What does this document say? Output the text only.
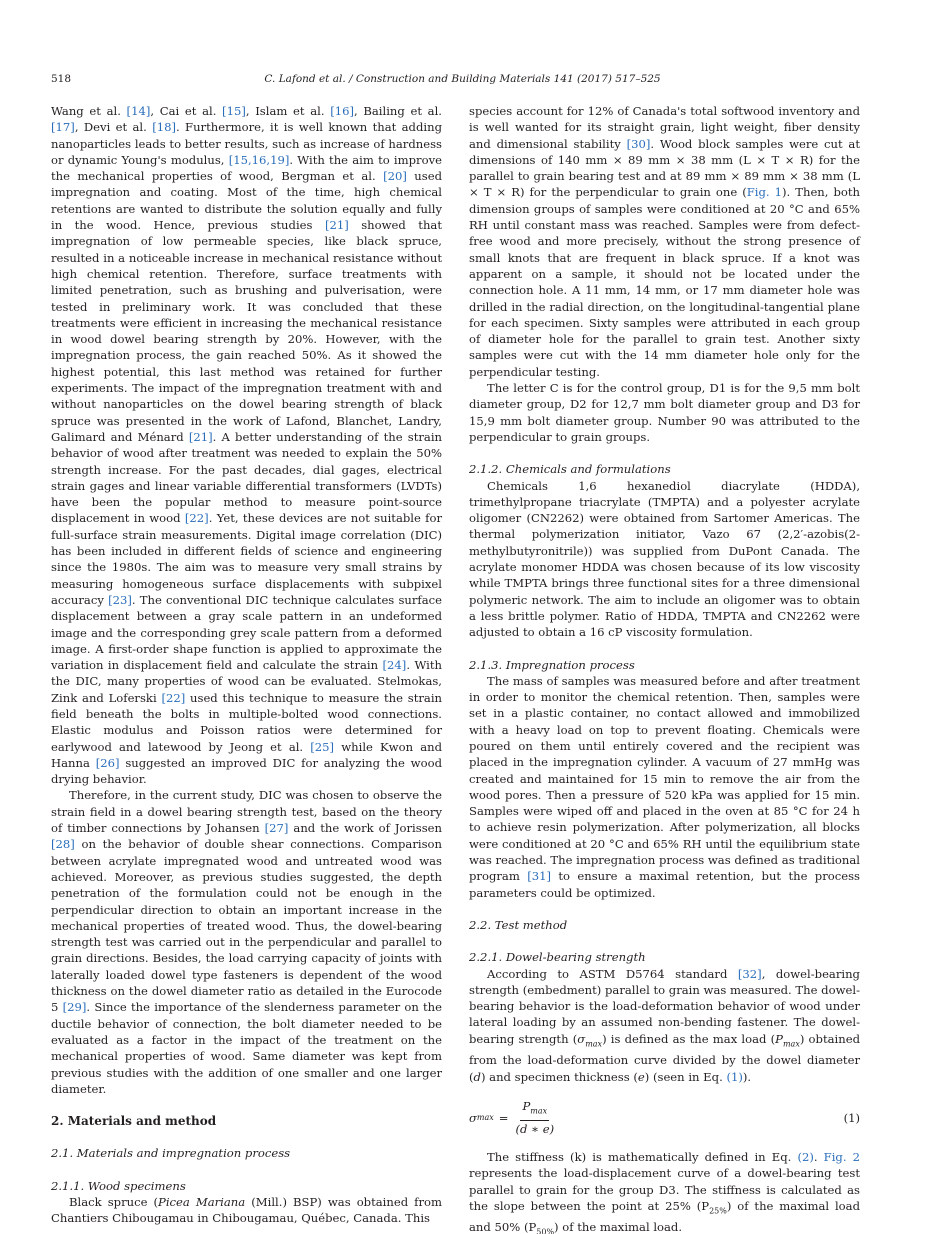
518	C. Lafond et al. / Construction and Building Materials 141 (2017) 517–525

Wang et al. [14], Cai et al. [15], Islam et al. [16], Bailing et al. [17], Devi et al. [18]. Furthermore, it is well known that adding nanoparticles leads to better results, such as increase of hardness or dynamic Young's modulus, [15,16,19]. With the aim to improve the mechanical properties of wood, Bergman et al. [20] used impregnation and coating. Most of the time, high chemical retentions are wanted to distribute the solution equally and fully in the wood. Hence, previous studies [21] showed that impregnation of low permeable species, like black spruce, resulted in a noticeable increase in mechanical resistance without high chemical retention. Therefore, surface treatments with limited penetration, such as brushing and pulverisation, were tested in preliminary work. It was concluded that these treatments were efficient in increasing the mechanical resistance in wood dowel bearing strength by 20%. However, with the impregnation process, the gain reached 50%. As it showed the highest potential, this last method was retained for further experiments. The impact of the impregnation treatment with and without nanoparticles on the dowel bearing strength of black spruce was presented in the work of Lafond, Blanchet, Landry, Galimard and Ménard [21]. A better understanding of the strain behavior of wood after treatment was needed to explain the 50% strength increase. For the past decades, dial gages, electrical strain gages and linear variable differential transformers (LVDTs) have been the popular method to measure point-source displacement in wood [22]. Yet, these devices are not suitable for full-surface strain measurements. Digital image correlation (DIC) has been included in different fields of science and engineering since the 1980s. The aim was to measure very small strains by measuring homogeneous surface displacements with subpixel accuracy [23]. The conventional DIC technique calculates surface displacement between a gray scale pattern in an undeformed image and the corresponding grey scale pattern from a deformed image. A first-order shape function is applied to approximate the variation in displacement field and calculate the strain [24]. With the DIC, many properties of wood can be evaluated. Stelmokas, Zink and Loferski [22] used this technique to measure the strain field beneath the bolts in multiple-bolted wood connections. Elastic modulus and Poisson ratios were determined for earlywood and latewood by Jeong et al. [25] while Kwon and Hanna [26] suggested an improved DIC for analyzing the wood drying behavior.

Therefore, in the current study, DIC was chosen to observe the strain field in a dowel bearing strength test, based on the theory of timber connections by Johansen [27] and the work of Jorissen [28] on the behavior of double shear connections. Comparison between acrylate impregnated wood and untreated wood was achieved. Moreover, as previous studies suggested, the depth penetration of the formulation could not be enough in the perpendicular direction to obtain an important increase in the mechanical properties of treated wood. Thus, the dowel-bearing strength test was carried out in the perpendicular and parallel to grain directions. Besides, the load carrying capacity of joints with laterally loaded dowel type fasteners is dependent of the wood thickness on the dowel diameter ratio as detailed in the Eurocode 5 [29]. Since the importance of the slenderness parameter on the ductile behavior of connection, the bolt diameter needed to be evaluated as a factor in the impact of the treatment on the mechanical properties of wood. Same diameter was kept from previous studies with the addition of one smaller and one larger diameter.

2. Materials and method
2.1. Materials and impregnation process
2.1.1. Wood specimens

Black spruce (Picea Mariana (Mill.) BSP) was obtained from Chantiers Chibougamau in Chibougamau, Québec, Canada. This

species account for 12% of Canada's total softwood inventory and is well wanted for its straight grain, light weight, fiber density and dimensional stability [30]. Wood block samples were cut at dimensions of 140 mm × 89 mm × 38 mm (L × T × R) for the parallel to grain bearing test and at 89 mm × 89 mm × 38 mm (L × T × R) for the perpendicular to grain one (Fig. 1). Then, both dimension groups of samples were conditioned at 20 °C and 65% RH until constant mass was reached. Samples were from defect-free wood and more precisely, without the strong presence of small knots that are frequent in black spruce. If a knot was apparent on a sample, it should not be located under the connection hole. A 11 mm, 14 mm, or 17 mm diameter hole was drilled in the radial direction, on the longitudinal-tangential plane for each specimen. Sixty samples were attributed in each group of diameter hole for the parallel to grain test. Another sixty samples were cut with the 14 mm diameter hole only for the perpendicular testing.

The letter C is for the control group, D1 is for the 9,5 mm bolt diameter group, D2 for 12,7 mm bolt diameter group and D3 for 15,9 mm bolt diameter group. Number 90 was attributed to the perpendicular to grain groups.

2.1.2. Chemicals and formulations

Chemicals 1,6 hexanediol diacrylate (HDDA), trimethylpropane triacrylate (TMPTA) and a polyester acrylate oligomer (CN2262) were obtained from Sartomer Americas. The thermal polymerization initiator, Vazo 67 (2,2′-azobis(2-methylbutyronitrile)) was supplied from DuPont Canada. The acrylate monomer HDDA was chosen because of its low viscosity while TMPTA brings three functional sites for a three dimensional polymeric network. The aim to include an oligomer was to obtain a less brittle polymer. Ratio of HDDA, TMPTA and CN2262 were adjusted to obtain a 16 cP viscosity formulation.

2.1.3. Impregnation process

The mass of samples was measured before and after treatment in order to monitor the chemical retention. Then, samples were set in a plastic container, no contact allowed and immobilized with a heavy load on top to prevent floating. Chemicals were poured on them until entirely covered and the recipient was placed in the impregnation cylinder. A vacuum of 27 mmHg was created and maintained for 15 min to remove the air from the wood pores. Then a pressure of 520 kPa was applied for 15 min. Samples were wiped off and placed in the oven at 85 °C for 24 h to achieve resin polymerization. After polymerization, all blocks were conditioned at 20 °C and 65% RH until the equilibrium state was reached. The impregnation process was defined as traditional program [31] to ensure a maximal retention, but the process parameters could be optimized.

2.2. Test method
2.2.1. Dowel-bearing strength

According to ASTM D5764 standard [32], dowel-bearing strength (embedment) parallel to grain was measured. The dowel-bearing behavior is the load-deformation behavior of wood under lateral loading by an assumed non-bending fastener. The dowel-bearing strength $(\sigma_{max})$ is defined as the max load $(P_{max})$ obtained from the load-deformation curve divided by the dowel diameter (d) and specimen thickness (e) (seen in Eq. (1)).

σ $\max = \frac{P_{max}}{(d ∗ e)}$	(1)

The stiffness (k) is mathematically defined in Eq. (2). Fig. 2 represents the load-displacement curve of a dowel-bearing test parallel to grain for the group D3. The stiffness is calculated as the slope between the point at 25% $(P_{25\%})$ of the maximal load and 50% $(P_{50\%})$ of the maximal load.
